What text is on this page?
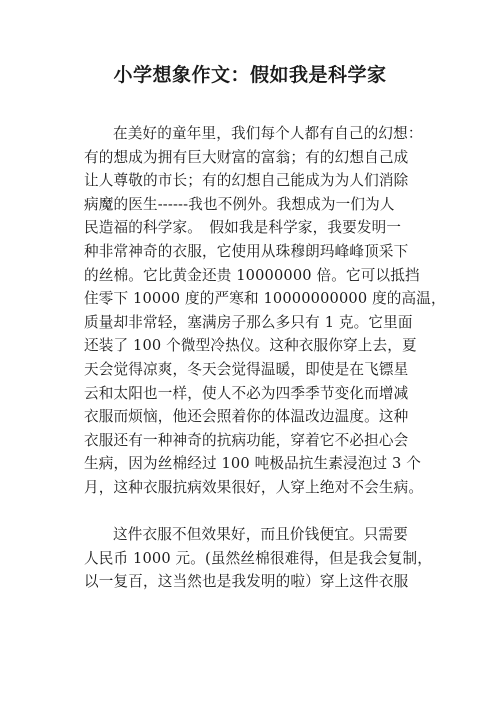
小学想象作文：假如我是科学家
在美好的童年里，我们每个人都有自己的幻想：
有的想成为拥有巨大财富的富翁；有的幻想自己成
让人尊敬的市长；有的幻想自己能成为为人们消除
病魔的医生------我也不例外。我想成为一们为人
民造福的科学家。　假如我是科学家，我要发明一
种非常神奇的衣服，它使用从珠穆朗玛峰峰顶采下
的丝棉。它比黄金还贵 10000000 倍。它可以抵挡
住零下 10000 度的严寒和 10000000000 度的高温，
质量却非常轻，塞满房子那么多只有 1 克。它里面
还装了 100 个微型冷热仪。这种衣服你穿上去，夏
天会觉得凉爽，冬天会觉得温暖，即使是在飞镖星
云和太阳也一样，使人不必为四季季节变化而增减
衣服而烦恼，他还会照着你的体温改边温度。这种
衣服还有一种神奇的抗病功能，穿着它不必担心会
生病，因为丝棉经过 100 吨极品抗生素浸泡过 3 个
月，这种衣服抗病效果很好，人穿上绝对不会生病。
这件衣服不但效果好，而且价钱便宜。只需要
人民币 1000 元。(虽然丝棉很难得，但是我会复制，
以一复百，这当然也是我发明的啦）穿上这件衣服
